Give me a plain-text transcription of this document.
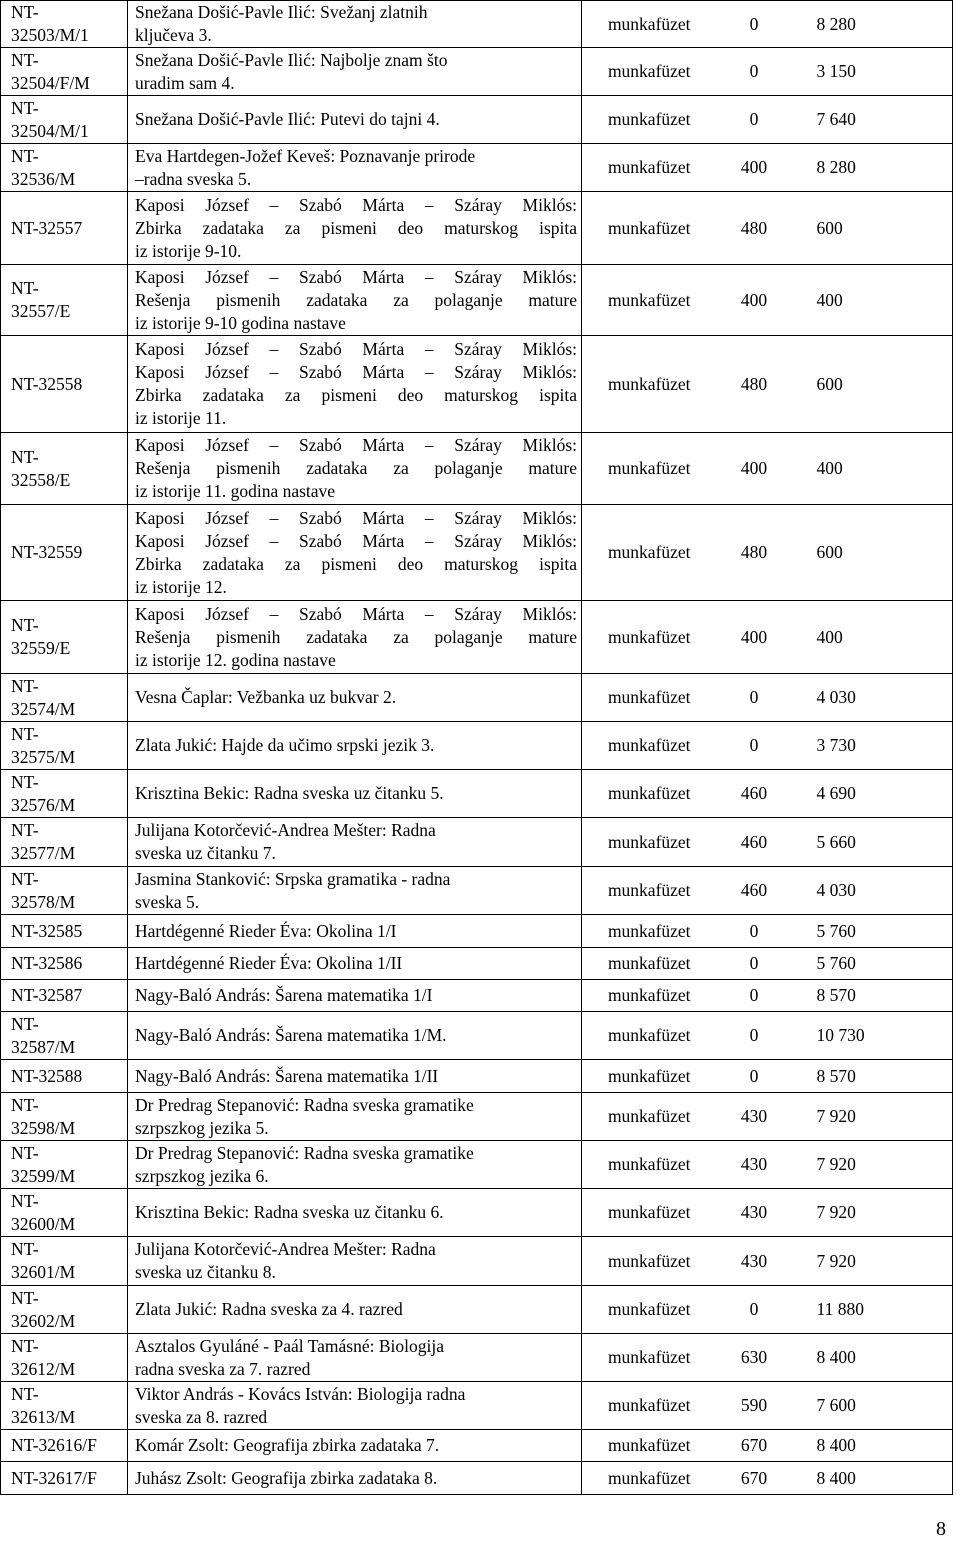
NT-
32503/M/1	Snežana Došić-Pavle Ilić: Svežanj zlatnih
ključeva 3.	munkafüzet	0	8 280

NT-
32504/F/M	Snežana Došić-Pavle Ilić: Najbolje znam što
uradim sam 4.	munkafüzet	0	3 150

NT-
32504/M/1	Snežana Došić-Pavle Ilić: Putevi do tajni 4.	munkafüzet	0	7 640

NT-
32536/M	Eva Hartdegen-Jožef Keveš: Poznavanje prirode
–radna sveska 5.	munkafüzet	400	8 280

NT-32557	Kaposi József – Szabó Márta – Száray Miklós:
Zbirka zadataka za pismeni deo maturskog ispita
iz istorije 9-10.	munkafüzet	480	600

NT-
32557/E	Kaposi József – Szabó Márta – Száray Miklós:
Rešenja pismenih zadataka za polaganje mature
iz istorije 9-10 godina nastave	munkafüzet	400	400

NT-32558	Kaposi József – Szabó Márta – Száray Miklós:
Kaposi József – Szabó Márta – Száray Miklós:
Zbirka zadataka za pismeni deo maturskog ispita
iz istorije 11.	munkafüzet	480	600

NT-
32558/E	Kaposi József – Szabó Márta – Száray Miklós:
Rešenja pismenih zadataka za polaganje mature
iz istorije 11. godina nastave	munkafüzet	400	400

NT-32559	Kaposi József – Szabó Márta – Száray Miklós:
Kaposi József – Szabó Márta – Száray Miklós:
Zbirka zadataka za pismeni deo maturskog ispita
iz istorije 12.	munkafüzet	480	600

NT-
32559/E	Kaposi József – Szabó Márta – Száray Miklós:
Rešenja pismenih zadataka za polaganje mature
iz istorije 12. godina nastave	munkafüzet	400	400

NT-
32574/M	Vesna Čaplar: Vežbanka uz bukvar 2.	munkafüzet	0	4 030

NT-
32575/M	Zlata Jukić: Hajde da učimo srpski jezik 3.	munkafüzet	0	3 730

NT-
32576/M	Krisztina Bekic: Radna sveska uz čitanku 5.	munkafüzet	460	4 690

NT-
32577/M	Julijana Kotorčević-Andrea Mešter: Radna
sveska uz čitanku 7.	munkafüzet	460	5 660

NT-
32578/M	Jasmina Stanković: Srpska gramatika - radna
sveska 5.	munkafüzet	460	4 030

NT-32585	Hartdégenné Rieder Éva: Okolina 1/I	munkafüzet	0	5 760

NT-32586	Hartdégenné Rieder Éva: Okolina 1/II	munkafüzet	0	5 760

NT-32587	Nagy-Baló András: Šarena matematika 1/I	munkafüzet	0	8 570

NT-
32587/M	Nagy-Baló András: Šarena matematika 1/M.	munkafüzet	0	10 730

NT-32588	Nagy-Baló András: Šarena matematika 1/II	munkafüzet	0	8 570

NT-
32598/M	Dr Predrag Stepanović: Radna sveska gramatike
szrpszkog jezika 5.	munkafüzet	430	7 920

NT-
32599/M	Dr Predrag Stepanović: Radna sveska gramatike
szrpszkog jezika 6.	munkafüzet	430	7 920

NT-
32600/M	Krisztina Bekic: Radna sveska uz čitanku 6.	munkafüzet	430	7 920

NT-
32601/M	Julijana Kotorčević-Andrea Mešter: Radna
sveska uz čitanku 8.	munkafüzet	430	7 920

NT-
32602/M	Zlata Jukić: Radna sveska za 4. razred	munkafüzet	0	11 880

NT-
32612/M	Asztalos Gyuláné - Paál Tamásné: Biologija
radna sveska za 7. razred	munkafüzet	630	8 400

NT-
32613/M	Viktor András - Kovács István: Biologija radna
sveska za 8. razred	munkafüzet	590	7 600

NT-32616/F	Komár Zsolt: Geografija zbirka zadataka 7.	munkafüzet	670	8 400

NT-32617/F	Juhász Zsolt: Geografija zbirka zadataka 8.	munkafüzet	670	8 400
8
